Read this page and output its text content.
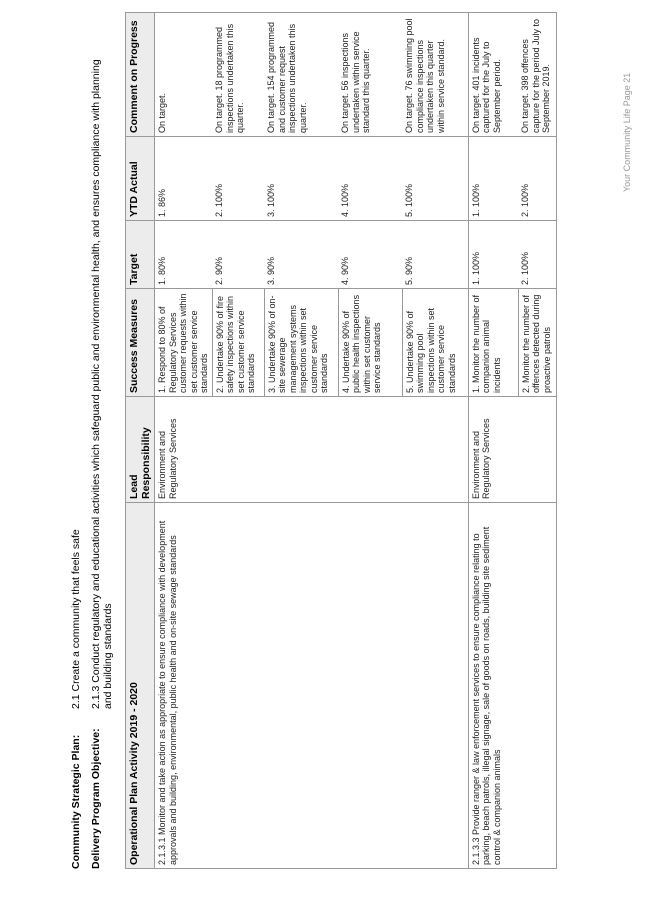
Community Strategic Plan:2.1 Create a community that feels safe
Delivery Program Objective:2.1.3 Conduct regulatory and educational activities which safeguard public and environmental health, and ensures compliance with planning and building standards
Operational Plan Activity 2019 - 2020	Lead Responsibility	Success Measures	Target	YTD Actual	Comment on Progress
2.1.3.1 Monitor and take action as appropriate to ensure compliance with development approvals and building, environmental, public health and on-site sewage standards	Environment and Regulatory Services	1. Respond to 80% of Regulatory Services customer requests within set customer service standards	1. 80%	1. 86%	On target.
		2. Undertake 90% of fire safety inspections within set customer service standards	2. 90%	2. 100%	On target. 18 programmed inspections undertaken this quarter.
		3. Undertake 90% of on-site sewerage management systems inspections within set customer service standards	3. 90%	3. 100%	On target. 154 programmed and customer request inspections undertaken this quarter.
		4. Undertake 90% of public health inspections within set customer service standards	4. 90%	4. 100%	On target. 56 inspections undertaken within service standard this quarter.
		5. Undertake 90% of swimming pool inspections within set customer service standards	5. 90%	5. 100%	On target. 76 swimming pool compliance inspections undertaken this quarter within service standard.
2.1.3.3 Provide ranger & law enforcement services to ensure compliance relating to parking, beach patrols, illegal signage, sale of goods on roads, building site sediment control & companion animals	Environment and Regulatory Services	1. Monitor the number of companion animal incidents	1. 100%	1. 100%	On target. 401 incidents captured for the July to September period.
		2. Monitor the number of offences detected during proactive patrols	2. 100%	2. 100%	On target. 398 offences capture for the period July to September 2019.	Your Community Life Page 21
